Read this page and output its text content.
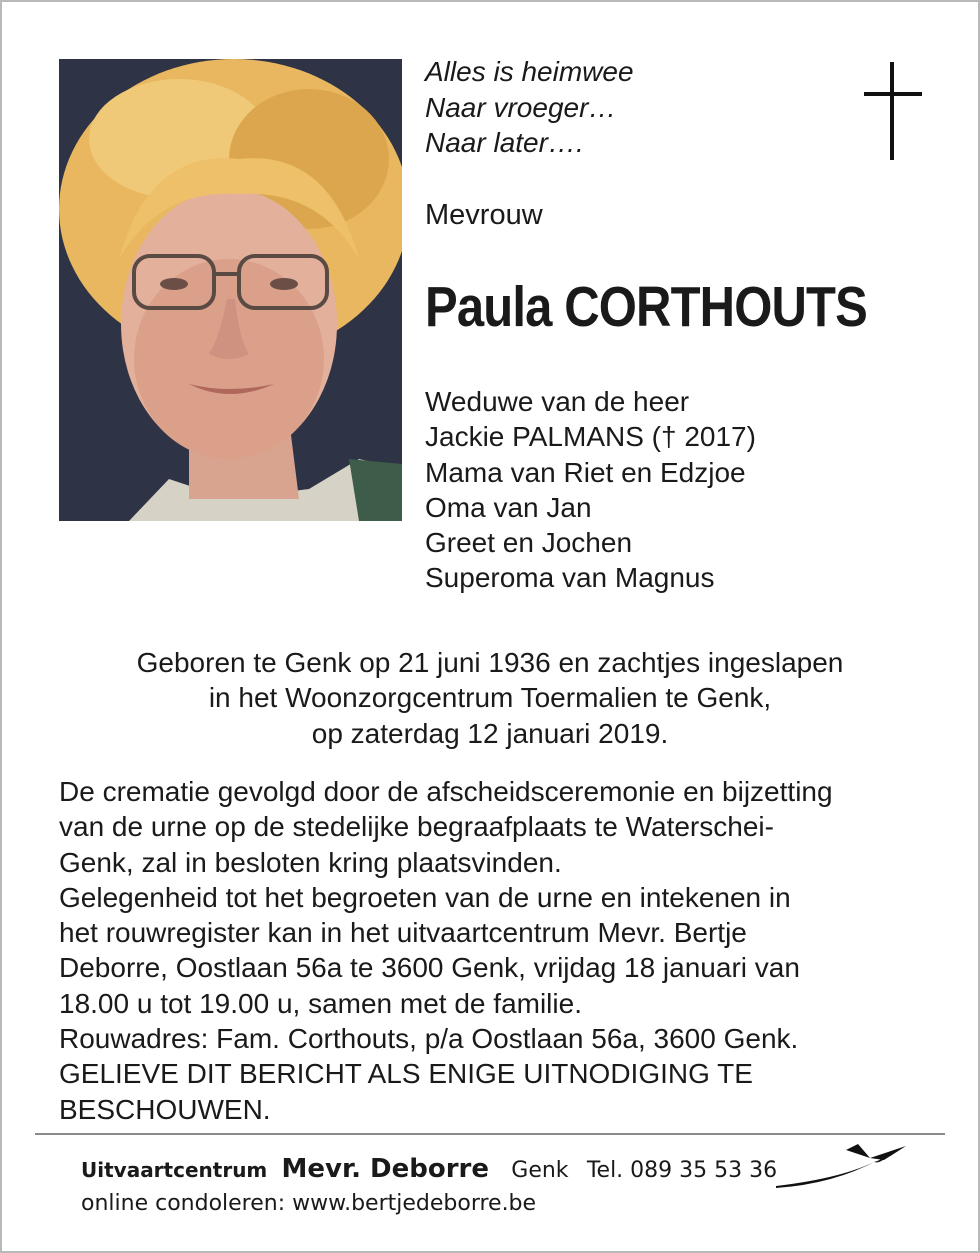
Alles is heimwee
Naar vroeger…
Naar later….
Mevrouw
Paula CORTHOUTS
Weduwe van de heer
Jackie PALMANS († 2017)
Mama van Riet en Edzjoe
Oma van Jan
Greet en Jochen
Superoma van Magnus
Geboren te Genk op 21 juni 1936 en zachtjes ingeslapen
in het Woonzorgcentrum Toermalien te Genk,
op zaterdag 12 januari 2019.
De crematie gevolgd door de afscheidsceremonie en bijzetting
van de urne op de stedelijke begraafplaats te Waterschei-
Genk, zal in besloten kring plaatsvinden.
Gelegenheid tot het begroeten van de urne en intekenen in
het rouwregister kan in het uitvaartcentrum Mevr. Bertje
Deborre, Oostlaan 56a te 3600 Genk, vrijdag 18 januari van
18.00 u tot 19.00 u, samen met de familie.
Rouwadres: Fam. Corthouts, p/a Oostlaan 56a, 3600 Genk.
GELIEVE DIT BERICHT ALS ENIGE UITNODIGING TE
BESCHOUWEN.
Uitvaartcentrum Mevr. Deborre Genk Tel. 089 35 53 36
online condoleren: www.bertjedeborre.be
